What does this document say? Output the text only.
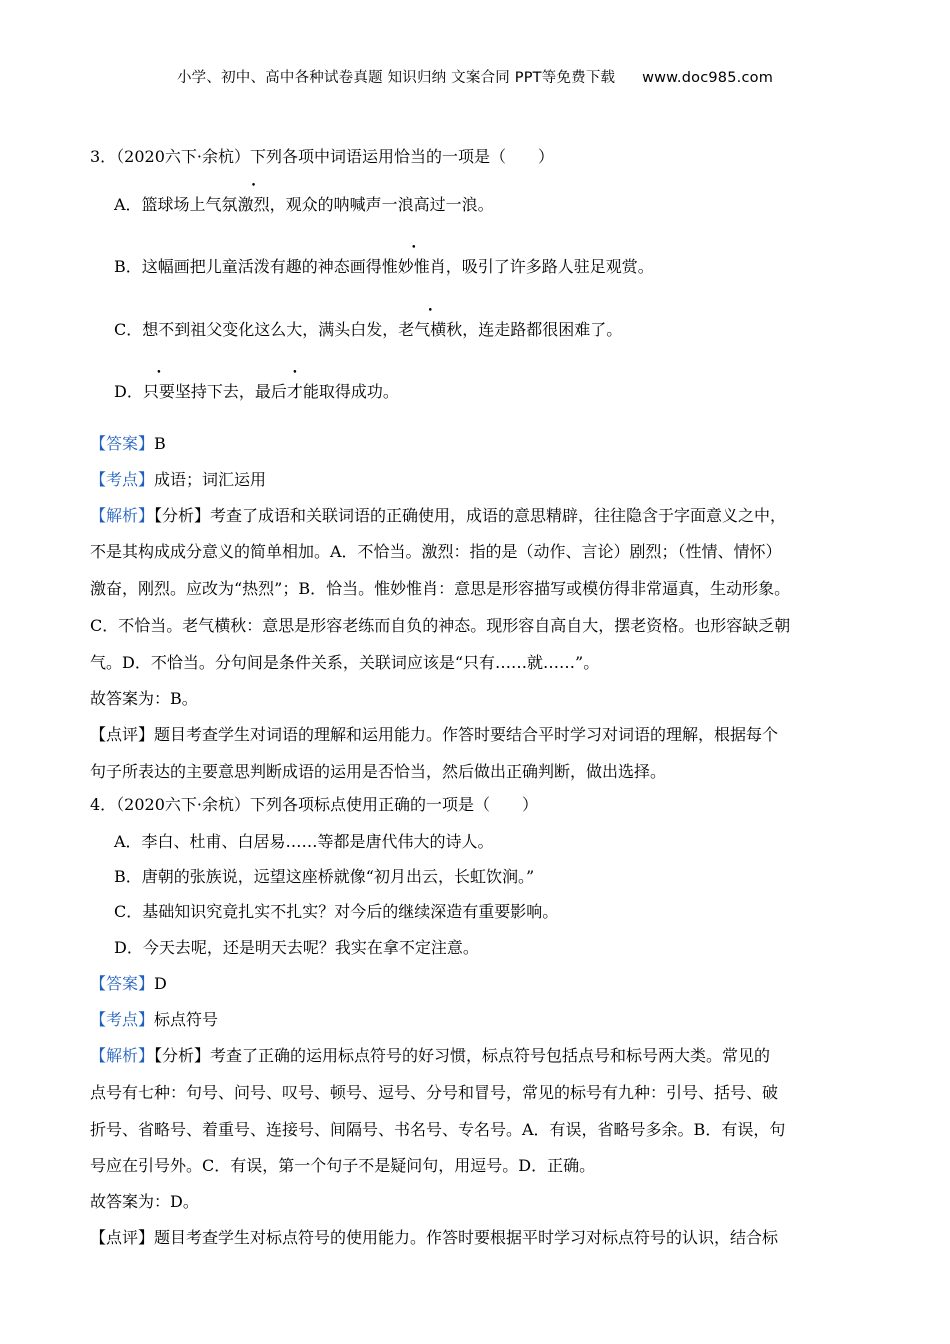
小学、初中、高中各种试卷真题 知识归纳 文案合同 PPT等免费下载 www.doc985.com
3．（2020六下·余杭）下列各项中词语运用恰当的一项是（　　）
A．篮球场上气氛激烈，观众的呐喊声一浪高过一浪。
B．这幅画把儿童活泼有趣的神态画得惟妙惟肖，吸引了许多路人驻足观赏。
C．想不到祖父变化这么大，满头白发，老气横秋，连走路都很困难了。
D．只要坚持下去，最后才能取得成功。
【答案】B
【考点】成语；词汇运用
【解析】【分析】考查了成语和关联词语的正确使用，成语的意思精辟，往往隐含于字面意义之中，
不是其构成成分意义的简单相加。A．不恰当。激烈：指的是（动作、言论）剧烈；（性情、情怀）
激奋，刚烈。应改为“热烈”；B．恰当。惟妙惟肖：意思是形容描写或模仿得非常逼真，生动形象。
C．不恰当。老气横秋：意思是形容老练而自负的神态。现形容自高自大，摆老资格。也形容缺乏朝
气。D．不恰当。分句间是条件关系，关联词应该是“只有……就……”。
故答案为：B。
【点评】题目考查学生对词语的理解和运用能力。作答时要结合平时学习对词语的理解，根据每个
句子所表达的主要意思判断成语的运用是否恰当，然后做出正确判断，做出选择。
4．（2020六下·余杭）下列各项标点使用正确的一项是（　　）
A．李白、杜甫、白居易……等都是唐代伟大的诗人。
B．唐朝的张族说，远望这座桥就像“初月出云，长虹饮涧。”
C．基础知识究竟扎实不扎实？对今后的继续深造有重要影响。
D．今天去呢，还是明天去呢？我实在拿不定注意。
【答案】D
【考点】标点符号
【解析】【分析】考查了正确的运用标点符号的好习惯，标点符号包括点号和标号两大类。常见的
点号有七种：句号、问号、叹号、顿号、逗号、分号和冒号，常见的标号有九种：引号、括号、破
折号、省略号、着重号、连接号、间隔号、书名号、专名号。A．有误，省略号多余。B．有误，句
号应在引号外。C．有误，第一个句子不是疑问句，用逗号。D．正确。
故答案为：D。
【点评】题目考查学生对标点符号的使用能力。作答时要根据平时学习对标点符号的认识，结合标
